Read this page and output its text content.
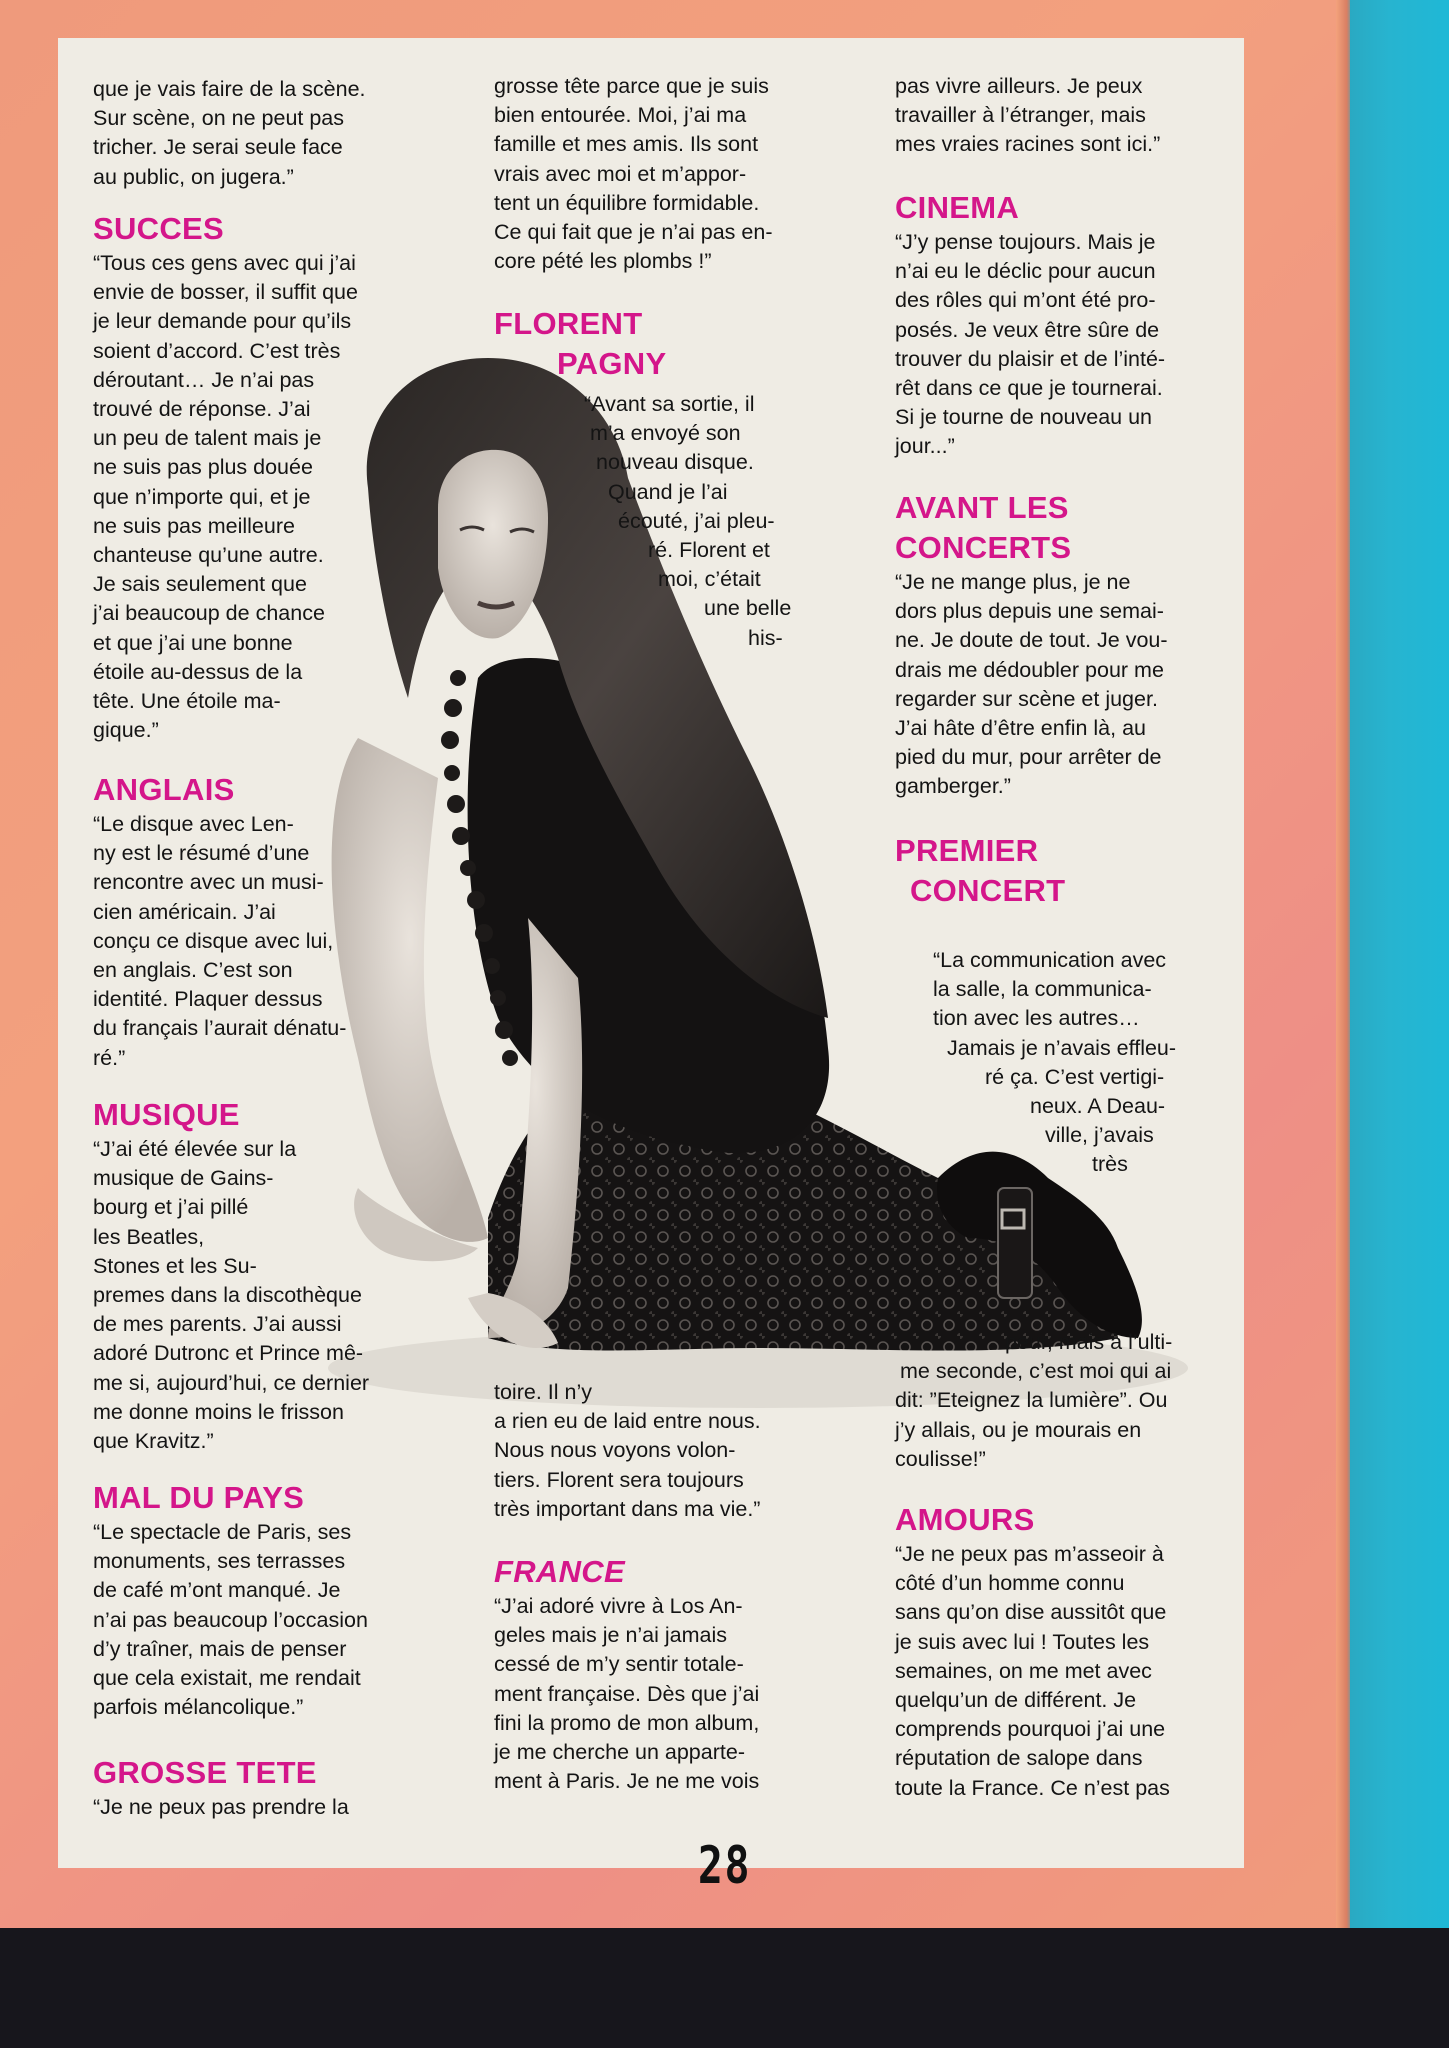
que je vais faire de la scène.

Sur scène, on ne peut pas

tricher. Je serai seule face

au public, on jugera.”

SUCCES

“Tous ces gens avec qui j’ai

envie de bosser, il suffit que

je leur demande pour qu’ils

soient d’accord. C’est très

déroutant… Je n’ai pas

trouvé de réponse. J’ai

un peu de talent mais je

ne suis pas plus douée

que n’importe qui, et je

ne suis pas meilleure

chanteuse qu’une autre.

Je sais seulement que

j’ai beaucoup de chance

et que j’ai une bonne

étoile au-dessus de la

tête. Une étoile ma-

gique.”

ANGLAIS

“Le disque avec Len-

ny est le résumé d’une

rencontre avec un musi-

cien américain. J’ai

conçu ce disque avec lui,

en anglais. C’est son

identité. Plaquer dessus

du français l’aurait dénatu-

ré.”

MUSIQUE

“J’ai été élevée sur la

musique de Gains-

bourg et j’ai pillé

les Beatles,

Stones et les Su-

premes dans la discothèque

de mes parents. J’ai aussi

adoré Dutronc et Prince mê-

me si, aujourd’hui, ce dernier

me donne moins le frisson

que Kravitz.”

MAL DU PAYS

“Le spectacle de Paris, ses

monuments, ses terrasses

de café m’ont manqué. Je

n’ai pas beaucoup l’occasion

d’y traîner, mais de penser

que cela existait, me rendait

parfois mélancolique.”

GROSSE TETE

“Je ne peux pas prendre la

grosse tête parce que je suis

bien entourée. Moi, j’ai ma

famille et mes amis. Ils sont

vrais avec moi et m’appor-

tent un équilibre formidable.

Ce qui fait que je n’ai pas en-

core pété les plombs !”

FLORENT

PAGNY

“Avant sa sortie, il

m’a envoyé son

nouveau disque.

Quand je l’ai

écouté, j’ai pleu-

ré. Florent et

moi, c’était

une belle

his-

toire. Il n’y

a rien eu de laid entre nous.

Nous nous voyons volon-

tiers. Florent sera toujours

très important dans ma vie.”

FRANCE

“J’ai adoré vivre à Los An-

geles mais je n’ai jamais

cessé de m’y sentir totale-

ment française. Dès que j’ai

fini la promo de mon album,

je me cherche un apparte-

ment à Paris. Je ne me vois

pas vivre ailleurs. Je peux

travailler à l’étranger, mais

mes vraies racines sont ici.”

CINEMA

“J’y pense toujours. Mais je

n’ai eu le déclic pour aucun

des rôles qui m’ont été pro-

posés. Je veux être sûre de

trouver du plaisir et de l’inté-

rêt dans ce que je tournerai.

Si je tourne de nouveau un

jour...”

AVANT LES

CONCERTS

“Je ne mange plus, je ne

dors plus depuis une semai-

ne. Je doute de tout. Je vou-

drais me dédoubler pour me

regarder sur scène et juger.

J’ai hâte d’être enfin là, au

pied du mur, pour arrêter de

gamberger.”

PREMIER

CONCERT

“La communication avec

la salle, la communica-

tion avec les autres…

Jamais je n’avais effleu-

ré ça. C’est vertigi-

neux. A Deau-

ville, j’avais

très

peur, mais à l’ulti-

me seconde, c’est moi qui ai

dit: ”Eteignez la lumière”. Ou

j’y allais, ou je mourais en

coulisse!”

AMOURS

“Je ne peux pas m’asseoir à

côté d’un homme connu

sans qu’on dise aussitôt que

je suis avec lui ! Toutes les

semaines, on me met avec

quelqu’un de différent. Je

comprends pourquoi j’ai une

réputation de salope dans

toute la France. Ce n’est pas

28
